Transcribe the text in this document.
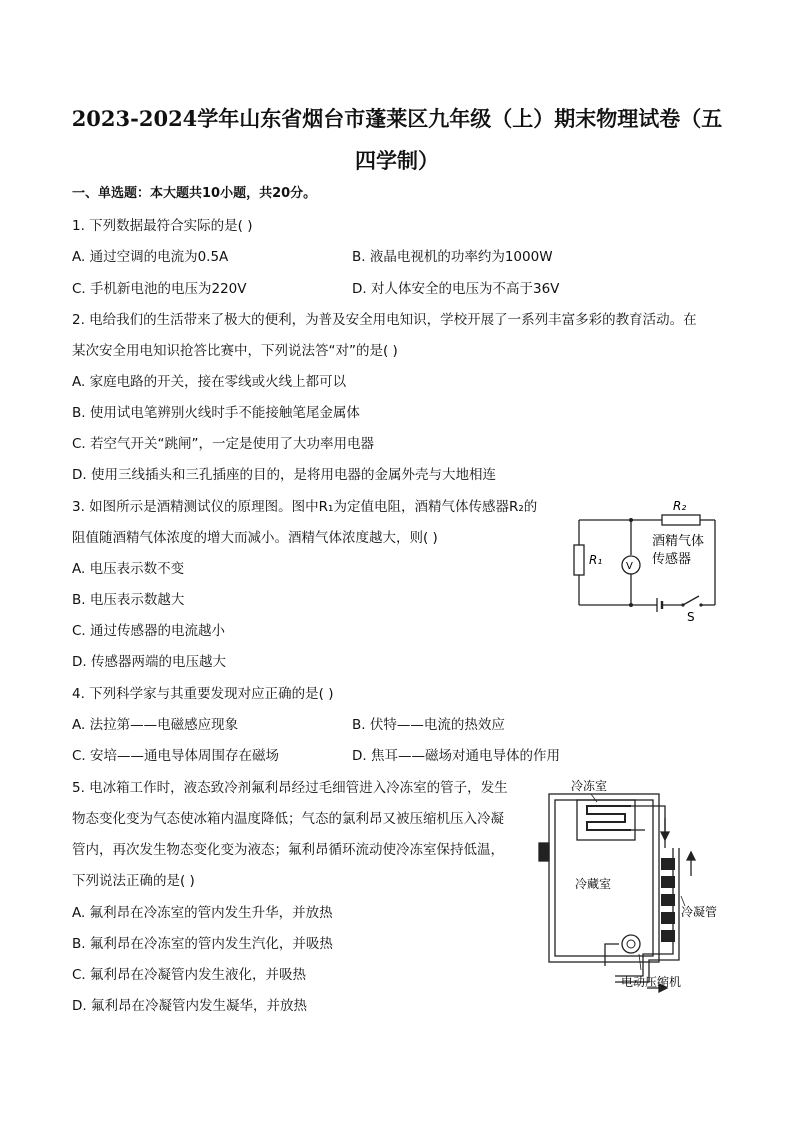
2023-2024学年山东省烟台市蓬莱区九年级（上）期末物理试卷（五
四学制）
一、单选题：本大题共10小题，共20分。
1. 下列数据最符合实际的是( )
A. 通过空调的电流为0.5A	B. 液晶电视机的功率约为1000W
C. 手机新电池的电压为220V	D. 对人体安全的电压为不高于36V
2. 电给我们的生活带来了极大的便利，为普及安全用电知识，学校开展了一系列丰富多彩的教育活动。在
某次安全用电知识抢答比赛中，下列说法答“对”的是( )
A. 家庭电路的开关，接在零线或火线上都可以
B. 使用试电笔辨别火线时手不能接触笔尾金属体
C. 若空气开关“跳闸”，一定是使用了大功率用电器
D. 使用三线插头和三孔插座的目的，是将用电器的金属外壳与大地相连
3. 如图所示是酒精测试仪的原理图。图中R₁为定值电阻，酒精气体传感器R₂的
阻值随酒精气体浓度的增大而减小。酒精气体浓度越大，则( )
A. 电压表示数不变
B. 电压表示数越大
C. 通过传感器的电流越小
D. 传感器两端的电压越大
R₂
R₁ V
酒精气体
传感器
S
4. 下列科学家与其重要发现对应正确的是( )
A. 法拉第——电磁感应现象	B. 伏特——电流的热效应
C. 安培——通电导体周围存在磁场	D. 焦耳——磁场对通电导体的作用
5. 电冰箱工作时，液态致冷剂氟利昂经过毛细管进入冷冻室的管子，发生
物态变化变为气态使冰箱内温度降低；气态的氯利昂又被压缩机压入冷凝
管内，再次发生物态变化变为液态；氟利昂循环流动使冷冻室保持低温，
下列说法正确的是( )
A. 氟利昂在冷冻室的管内发生升华，并放热
B. 氟利昂在冷冻室的管内发生汽化，并吸热
C. 氟利昂在冷凝管内发生液化，并吸热
D. 氟利昂在冷凝管内发生凝华，并放热
冷冻室
冷藏室
冷凝管
电动压缩机
